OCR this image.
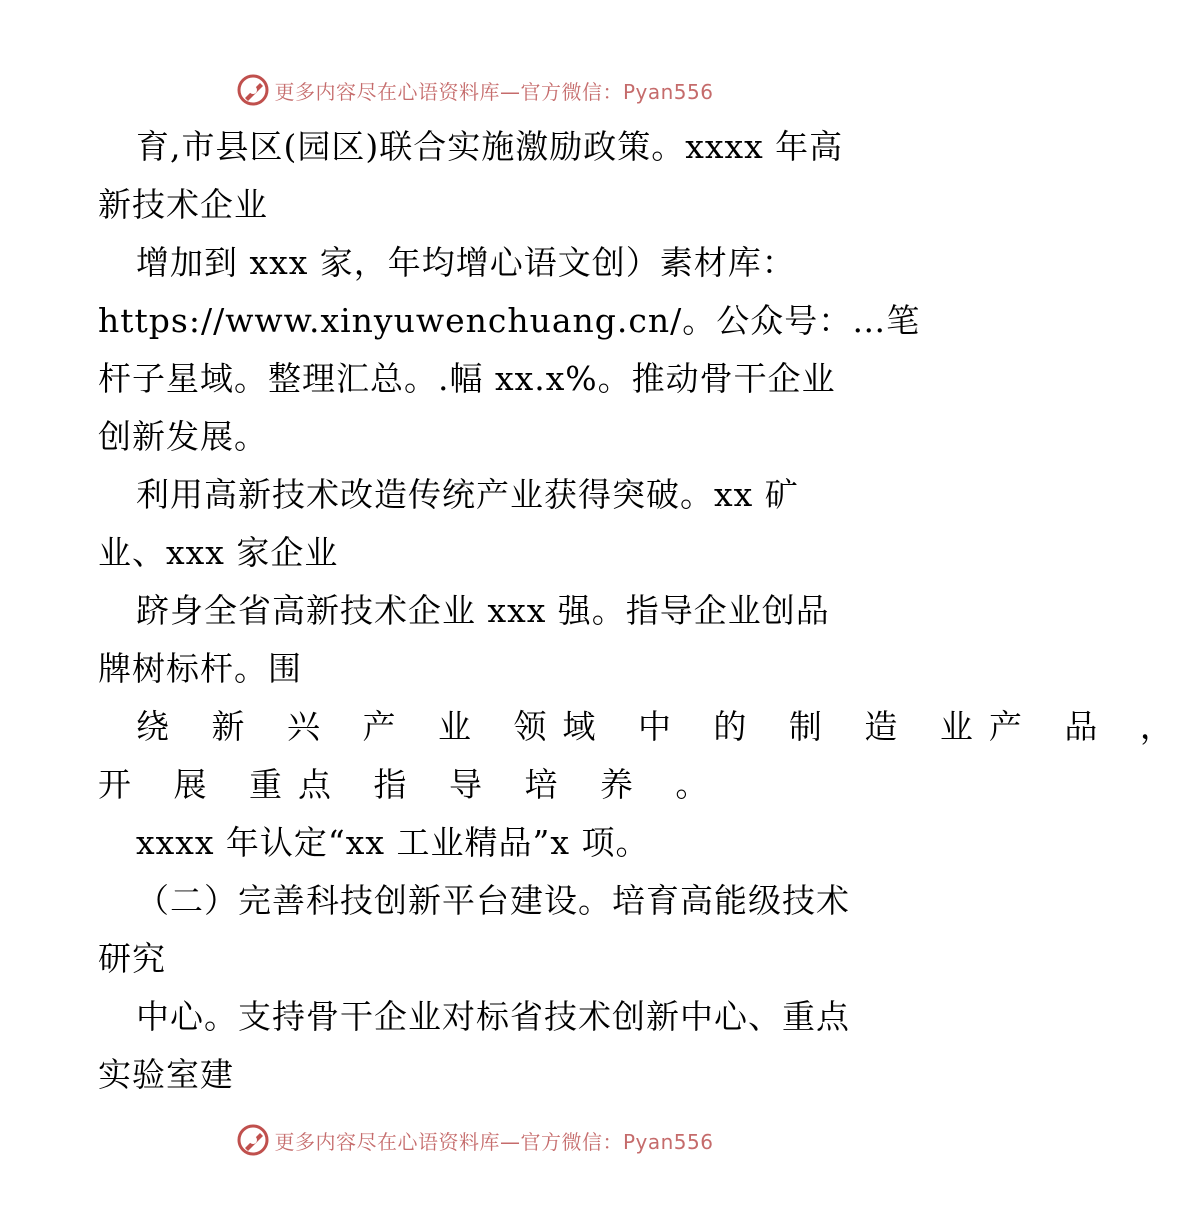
更多内容尽在心语资料库—官方微信：Pyan556
育,市县区(园区)联合实施激励政策。xxxx 年高
新技术企业
增加到 xxx 家，年均增心语文创）素材库：
https://www.xinyuwenchuang.cn/。公众号：…笔
杆子星域。整理汇总。.幅 xx.x%。推动骨干企业
创新发展。
利用高新技术改造传统产业获得突破。xx 矿
业、xxx 家企业
跻身全省高新技术企业 xxx 强。指导企业创品
牌树标杆。围
绕 新 兴 产 业 领域 中 的 制 造 业产 品 ，
开 展 重点 指 导 培 养 。
xxxx 年认定“xx 工业精品”x 项。
（二）完善科技创新平台建设。培育高能级技术
研究
中心。支持骨干企业对标省技术创新中心、重点
实验室建
更多内容尽在心语资料库—官方微信：Pyan556
